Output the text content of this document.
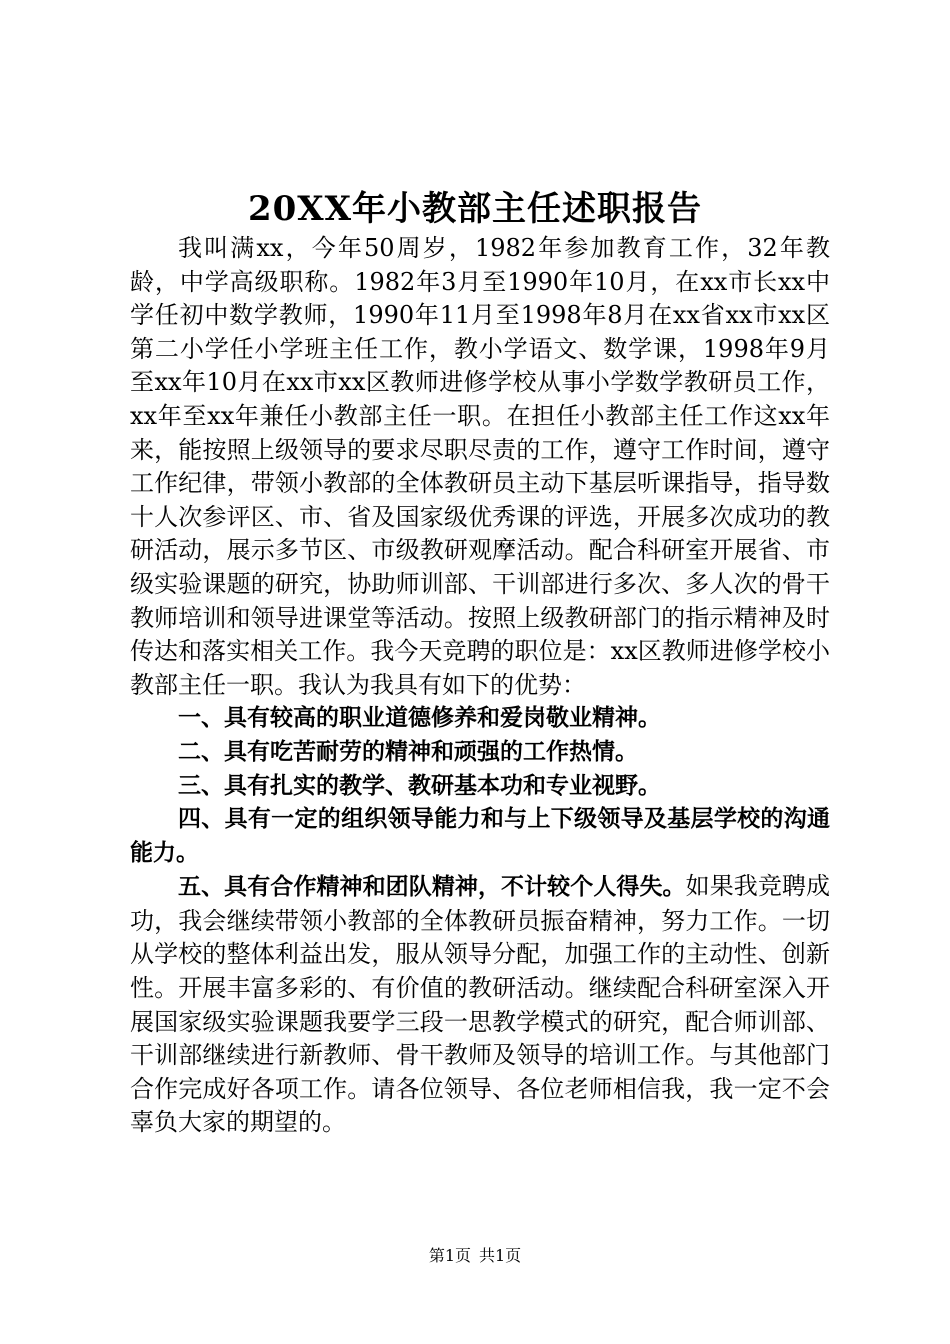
20XX年小教部主任述职报告

我叫满xx，今年50周岁，1982年参加教育工作，32年教龄，中学高级职称。1982年3月至1990年10月，在xx市长xx中学任初中数学教师，1990年11月至1998年8月在xx省xx市xx区第二小学任小学班主任工作，教小学语文、数学课，1998年9月至xx年10月在xx市xx区教师进修学校从事小学数学教研员工作，xx年至xx年兼任小教部主任一职。在担任小教部主任工作这xx年来，能按照上级领导的要求尽职尽责的工作，遵守工作时间，遵守工作纪律，带领小教部的全体教研员主动下基层听课指导，指导数十人次参评区、市、省及国家级优秀课的评选，开展多次成功的教研活动，展示多节区、市级教研观摩活动。配合科研室开展省、市级实验课题的研究，协助师训部、干训部进行多次、多人次的骨干教师培训和领导进课堂等活动。按照上级教研部门的指示精神及时传达和落实相关工作。我今天竞聘的职位是：xx区教师进修学校小教部主任一职。我认为我具有如下的优势：

一、具有较高的职业道德修养和爱岗敬业精神。

二、具有吃苦耐劳的精神和顽强的工作热情。

三、具有扎实的教学、教研基本功和专业视野。

四、具有一定的组织领导能力和与上下级领导及基层学校的沟通能力。

五、具有合作精神和团队精神，不计较个人得失。如果我竞聘成功，我会继续带领小教部的全体教研员振奋精神，努力工作。一切从学校的整体利益出发，服从领导分配，加强工作的主动性、创新性。开展丰富多彩的、有价值的教研活动。继续配合科研室深入开展国家级实验课题我要学三段一思教学模式的研究，配合师训部、干训部继续进行新教师、骨干教师及领导的培训工作。与其他部门合作完成好各项工作。请各位领导、各位老师相信我，我一定不会辜负大家的期望的。

第1页 共1页
